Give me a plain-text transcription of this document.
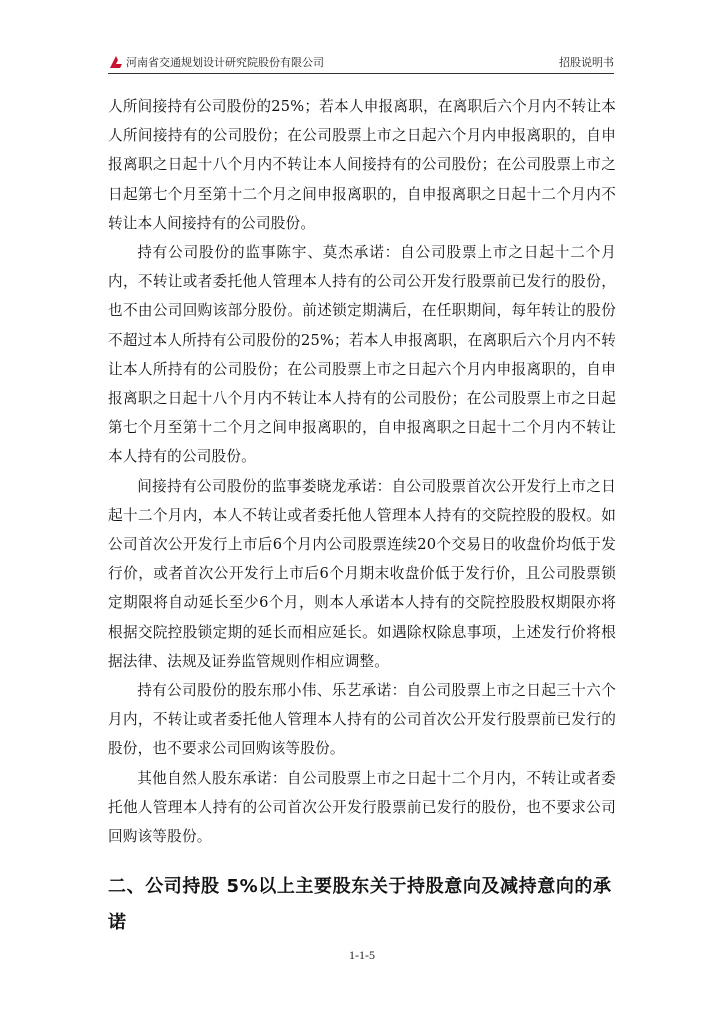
河南省交通规划设计研究院股份有限公司	招股说明书

人所间接持有公司股份的25%；若本人申报离职，在离职后六个月内不转让本人所间接持有的公司股份；在公司股票上市之日起六个月内申报离职的，自申报离职之日起十八个月内不转让本人间接持有的公司股份；在公司股票上市之日起第七个月至第十二个月之间申报离职的，自申报离职之日起十二个月内不转让本人间接持有的公司股份。

持有公司股份的监事陈宇、莫杰承诺：自公司股票上市之日起十二个月内，不转让或者委托他人管理本人持有的公司公开发行股票前已发行的股份，也不由公司回购该部分股份。前述锁定期满后，在任职期间，每年转让的股份不超过本人所持有公司股份的25%；若本人申报离职，在离职后六个月内不转让本人所持有的公司股份；在公司股票上市之日起六个月内申报离职的，自申报离职之日起十八个月内不转让本人持有的公司股份；在公司股票上市之日起第七个月至第十二个月之间申报离职的，自申报离职之日起十二个月内不转让本人持有的公司股份。

间接持有公司股份的监事娄晓龙承诺：自公司股票首次公开发行上市之日起十二个月内，本人不转让或者委托他人管理本人持有的交院控股的股权。如公司首次公开发行上市后6个月内公司股票连续20个交易日的收盘价均低于发行价，或者首次公开发行上市后6个月期末收盘价低于发行价，且公司股票锁定期限将自动延长至少6个月，则本人承诺本人持有的交院控股股权期限亦将根据交院控股锁定期的延长而相应延长。如遇除权除息事项，上述发行价将根据法律、法规及证券监管规则作相应调整。

持有公司股份的股东邢小伟、乐艺承诺：自公司股票上市之日起三十六个月内，不转让或者委托他人管理本人持有的公司首次公开发行股票前已发行的股份，也不要求公司回购该等股份。

其他自然人股东承诺：自公司股票上市之日起十二个月内，不转让或者委托他人管理本人持有的公司首次公开发行股票前已发行的股份，也不要求公司回购该等股份。

二、公司持股 5%以上主要股东关于持股意向及减持意向的承诺
1-1-5
